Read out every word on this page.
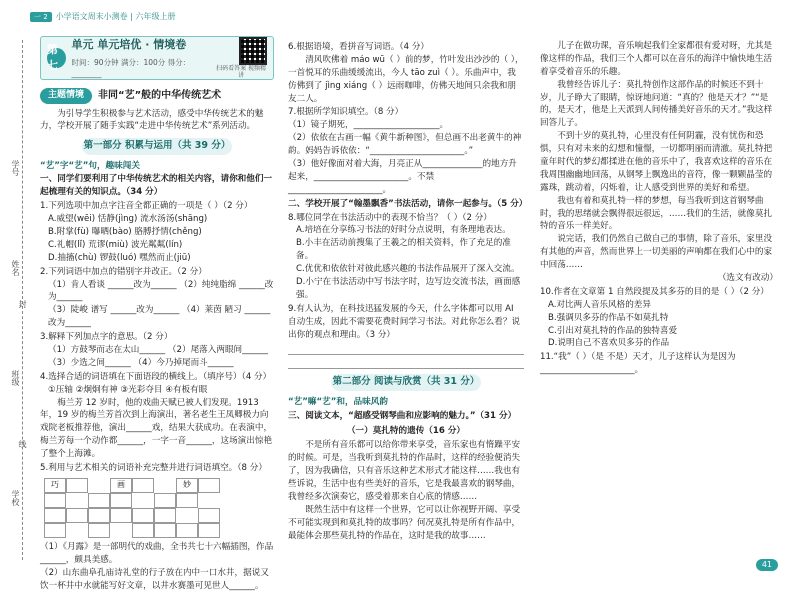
一 2	小学语文周末小测卷 | 六年级上册
学号
姓名
班级
学校
封
线
第七
单元 单元培优 · 情境卷
时间：90分钟 满分：100分 得分：________
扫码看答案 视频精讲
主题情境	非同“艺”般的中华传统艺术
为引导学生积极参与艺术活动，感受中华传统艺术的魅力，学校开展了随手实践“走进中华传统艺术”系列活动。
第一部分 积累与运用（共 39 分）
“艺”字“艺”句，趣味闯关
一、同学们要利用了中华传统艺术的相关内容，请你和他们一起梳理有关的知识点。（34 分）
1.下列选项中加点字注音全都正确的一项是（ ）（2 分）
A.威望(wēi) 恬静(jìng) 流水汤汤(shāng)
B.附掌(fù) 曝晒(bào) 胳膊抒情(chěng)
C.礼帽(lǐ) 荒谬(miù) 波光粼粼(lín)
D.抽搐(chù) 锣鼓(luó) 嘿然而止(jiū)
2.下列词语中加点的错别字并改正。（2 分）
（1）肯人看谈 ______改为______ （2）纯纯脂绵 ______改为______
（3）陡峻 谱写 ______改为______ （4）莱茵 陋习 ______改为______
3.解释下列加点字的意思。（2 分）
（1）方鼓琴而志在太山______ （2）尾落入两眼间______
（3）少选之间______ （4）今乃掉尾而斗______
4.选择合适的词语填在下面语段的横线上。（填序号）（4 分）
①压轴 ②炯炯有神 ③光彩夺目 ④有板有眼
梅兰芳 12 岁时，他的戏曲天赋已被人们发现。1913年，19 岁的梅兰芳首次到上海演出，著名老生王凤卿极力向戏院老板推荐他，演出______戏，结果大获成功。在表演中，梅兰芳每一个动作都______，一字一音______，这场演出惊艳了整个上海滩。
5.利用与艺术相关的词语补充完整并进行词语填空。（8 分）
巧	画	妙
（1）《月露》是一部明代的戏曲，全书共七十六幅插图，作品______，颇具美感。
（2）山东曲阜孔庙诗礼堂的行子放在内中一口水井，据说又饮一杯井中水就能写好文章，以井水赛墨可见世人______。
6.根据语境，看拼音写词语。（4 分）
清风吹佛着 máo wū（ ）前的梦，竹叶发出沙沙的（ ），一首悦耳的乐曲缓缓流出，今人 tāo zuì（ ）。乐曲声中，我仿佛到了 jìng xiáng（ ）远雨咖啡，仿佛天地间只余我和朋友二人。
7.根据所学知识填空。（8 分）
（1）镜子期死，____________________。
（2）依依在古画一幅《黄牛新种图》，但总画不出老黄牛的神韵。妈妈告诉依依：“______________________。”
（3）他好像面对着大海，月亮正从______________的地方升起来，______________________。不禁______________________。
二、学校开展了“翰墨飘香”书法活动，请你一起参与。（5 分）
8.哪位同学在书法活动中的表现不恰当？（ ）（2 分）
A.培培在分享练习书法的好时分点说明，有条理地表达。
B.小丰在活动前搜集了王羲之的相关资料，作了充足的准备。
C.优优和依依针对彼此感兴趣的书法作品展开了深入交流。
D.小宁在书法活动中写书法字时，边写边交流书法，画面感强。
9.有人认为，在科技迅猛发展的今天，什么字体都可以用 AI 自动生成，因此不需要花费时间学习书法。对此你怎么看？说出你的观点和理由。（3 分）
第二部分 阅读与欣赏（共 31 分）
“艺”嘛“艺”和，品味风韵
三、阅读文本，“超感受钢琴曲和应影响的魅力。”（31 分）
（一）莫扎特的遗传（16 分）
不是所有音乐都可以给你带来享受，音乐家也有惰躁平安的时候。可是，当我听到莫扎特的作品时，这样的经验便消失了，因为我确信，只有音乐这种艺术形式才能这样……我也有些诉说，生活中也有些美好的音乐，它是我最喜欢的钢琴曲，我曾经多次演奏它，感受着那来自心底的情感……
既然生活中有这样一个世界，它可以让你视野开阔、享受不可能实现到和莫扎特的故事吗？何况莫扎特是所有作品中，最能体会那些莫扎特的作品在，这时是我的故事……
儿子在做功课，音乐响起我们全家都很有爱对呀，尤其是像这样的作品，我们三个人都可以在音乐的海洋中愉快地生活着享受着音乐的乐趣。
我曾经告诉儿子：莫扎特创作这部作品的时候还不到十岁，儿子睁大了眼睛，惊讶地问道：“真的？他是天才？”“是的，是天才，他是上天派到人间传播美好音乐的天才。”我这样回答儿子。
不到十岁的莫扎特，心里没有任何阴霾，没有忧伤和恐惧，只有对未来的幻想和憧憬，一切都明丽而清澈。莫扎特把童年时代的梦幻都揉进在他的音乐中了，我喜欢这样的音乐在我周围幽幽地回荡，从钢琴上飘逸出的音符，像一颗颗晶莹的露珠，跳动着，闪烁着，让人感受到世界的美好和希望。
我也有着和莫扎特一样的梦想，每当我听到这首钢琴曲时，我的思绪就会飘得很远很远，……我们的生活，就像莫扎特的音乐一样美好。
说完话，我们仍然自己做自己的事情，除了音乐，家里没有其他的声音，然而世界上一切美丽的声响都在我们心中的家中回荡……
（选文有改动）
10.作者在文章第 1 自然段提及其多芬的目的是（ ）（2 分）
A.对比两人音乐风格的差异
B.强调贝多芬的作品不如莫扎特
C.引出对莫扎特的作品的独特喜爱
D.说明自己不喜欢贝多芬的作品
11.“我”（ ）（是 不是）天才，儿子这样认为是因为______________________。
41
